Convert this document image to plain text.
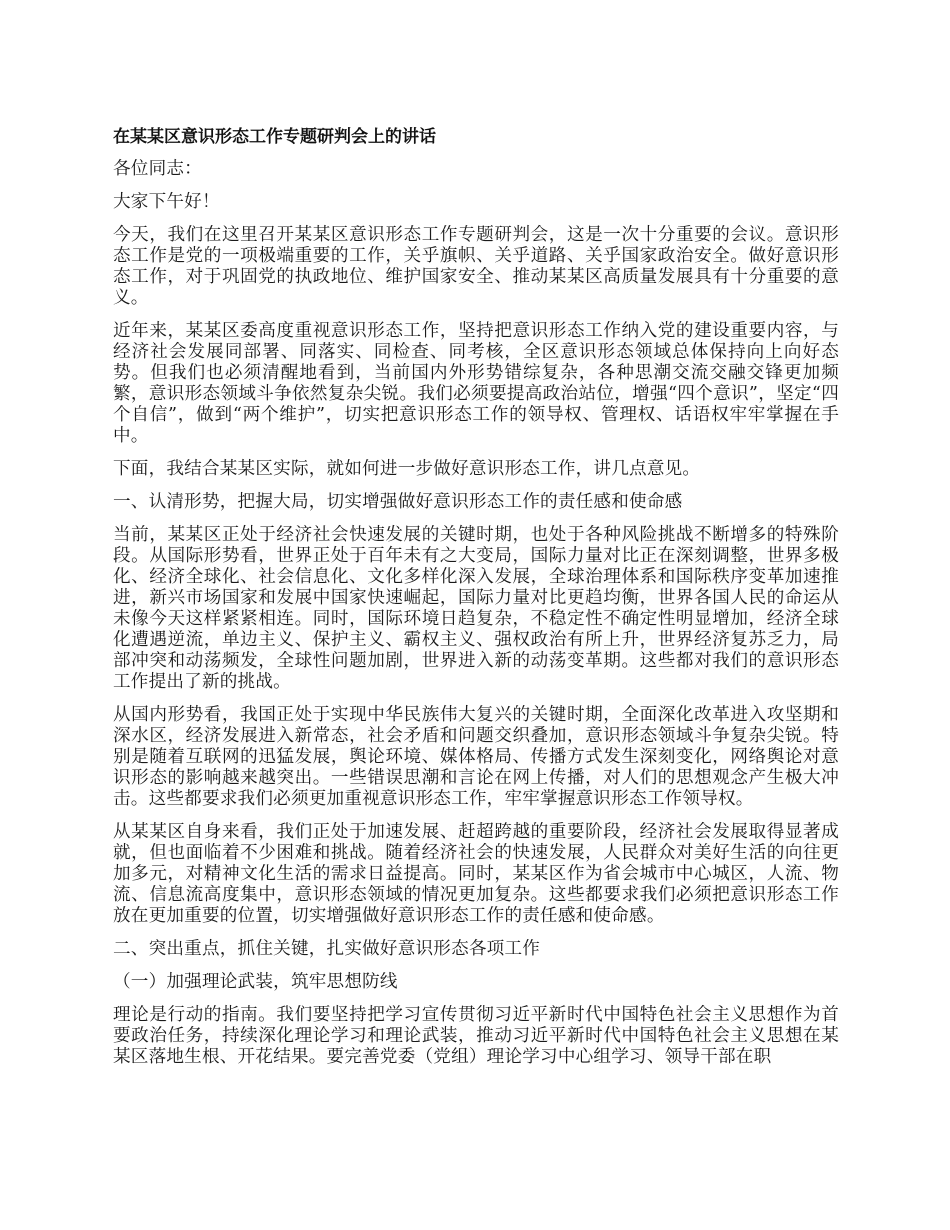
在某某区意识形态工作专题研判会上的讲话

各位同志：

大家下午好！

今天，我们在这里召开某某区意识形态工作专题研判会，这是一次十分重要的会议。意识形态工作是党的一项极端重要的工作，关乎旗帜、关乎道路、关乎国家政治安全。做好意识形态工作，对于巩固党的执政地位、维护国家安全、推动某某区高质量发展具有十分重要的意义。

近年来，某某区委高度重视意识形态工作，坚持把意识形态工作纳入党的建设重要内容，与经济社会发展同部署、同落实、同检查、同考核，全区意识形态领域总体保持向上向好态势。但我们也必须清醒地看到，当前国内外形势错综复杂，各种思潮交流交融交锋更加频繁，意识形态领域斗争依然复杂尖锐。我们必须要提高政治站位，增强“四个意识”，坚定“四个自信”，做到“两个维护”，切实把意识形态工作的领导权、管理权、话语权牢牢掌握在手中。

下面，我结合某某区实际，就如何进一步做好意识形态工作，讲几点意见。

一、认清形势，把握大局，切实增强做好意识形态工作的责任感和使命感

当前，某某区正处于经济社会快速发展的关键时期，也处于各种风险挑战不断增多的特殊阶段。从国际形势看，世界正处于百年未有之大变局，国际力量对比正在深刻调整，世界多极化、经济全球化、社会信息化、文化多样化深入发展，全球治理体系和国际秩序变革加速推进，新兴市场国家和发展中国家快速崛起，国际力量对比更趋均衡，世界各国人民的命运从未像今天这样紧紧相连。同时，国际环境日趋复杂，不稳定性不确定性明显增加，经济全球化遭遇逆流，单边主义、保护主义、霸权主义、强权政治有所上升，世界经济复苏乏力，局部冲突和动荡频发，全球性问题加剧，世界进入新的动荡变革期。这些都对我们的意识形态工作提出了新的挑战。

从国内形势看，我国正处于实现中华民族伟大复兴的关键时期，全面深化改革进入攻坚期和深水区，经济发展进入新常态，社会矛盾和问题交织叠加，意识形态领域斗争复杂尖锐。特别是随着互联网的迅猛发展，舆论环境、媒体格局、传播方式发生深刻变化，网络舆论对意识形态的影响越来越突出。一些错误思潮和言论在网上传播，对人们的思想观念产生极大冲击。这些都要求我们必须更加重视意识形态工作，牢牢掌握意识形态工作领导权。

从某某区自身来看，我们正处于加速发展、赶超跨越的重要阶段，经济社会发展取得显著成就，但也面临着不少困难和挑战。随着经济社会的快速发展，人民群众对美好生活的向往更加多元，对精神文化生活的需求日益提高。同时，某某区作为省会城市中心城区，人流、物流、信息流高度集中，意识形态领域的情况更加复杂。这些都要求我们必须把意识形态工作放在更加重要的位置，切实增强做好意识形态工作的责任感和使命感。

二、突出重点，抓住关键，扎实做好意识形态各项工作

（一）加强理论武装，筑牢思想防线

理论是行动的指南。我们要坚持把学习宣传贯彻习近平新时代中国特色社会主义思想作为首要政治任务，持续深化理论学习和理论武装，推动习近平新时代中国特色社会主义思想在某某区落地生根、开花结果。要完善党委（党组）理论学习中心组学习、领导干部在职
